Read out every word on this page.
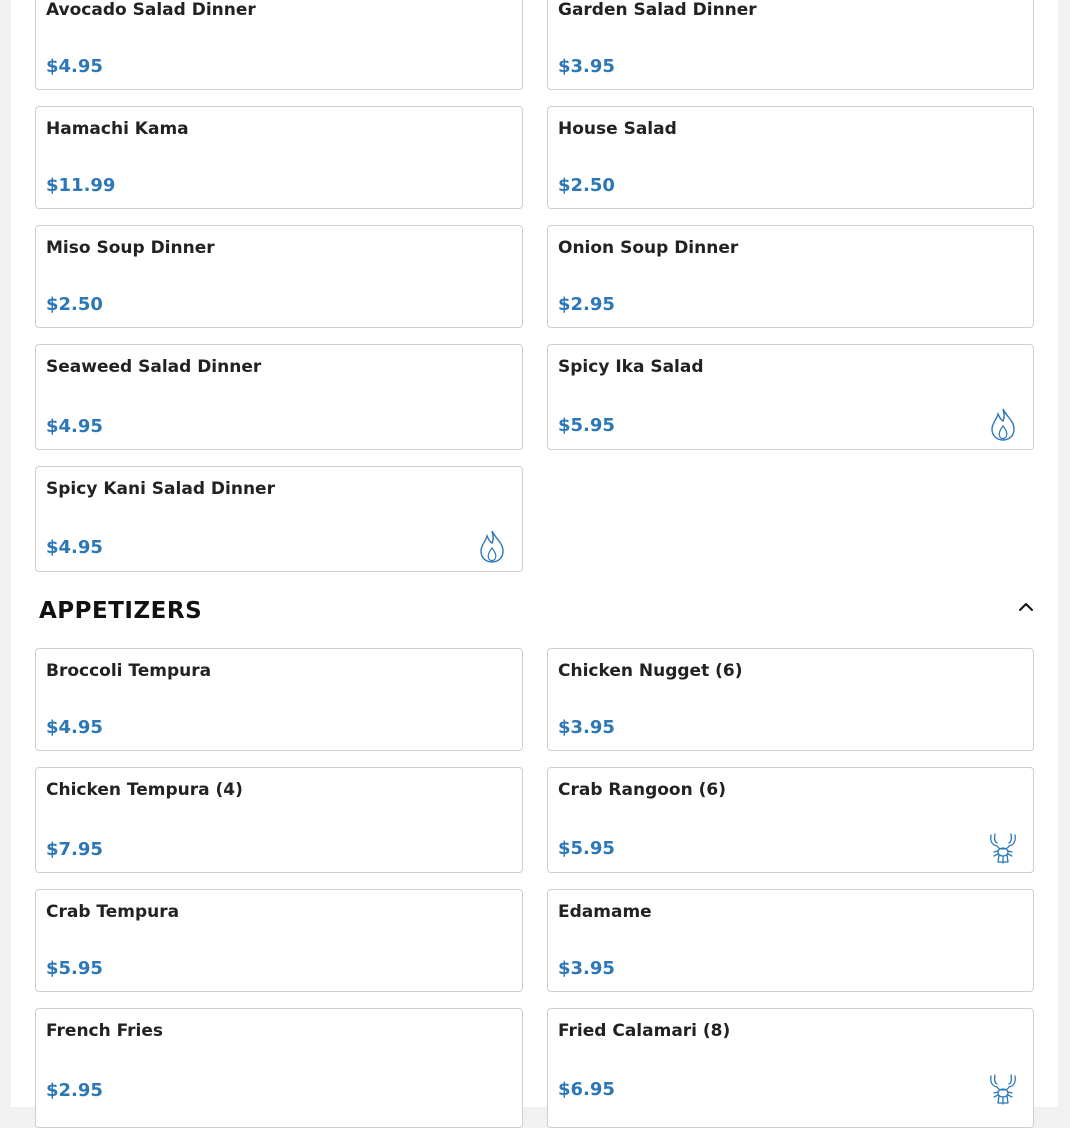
Avocado Salad Dinner
$4.95
Garden Salad Dinner
$3.95
Hamachi Kama
$11.99
House Salad
$2.50
Miso Soup Dinner
$2.50
Onion Soup Dinner
$2.95
Seaweed Salad Dinner
$4.95
Spicy Ika Salad
$5.95
Spicy Kani Salad Dinner
$4.95
APPETIZERS
Broccoli Tempura
$4.95
Chicken Nugget (6)
$3.95
Chicken Tempura (4)
$7.95
Crab Rangoon (6)
$5.95
Crab Tempura
$5.95
Edamame
$3.95
French Fries
$2.95
Fried Calamari (8)
$6.95
